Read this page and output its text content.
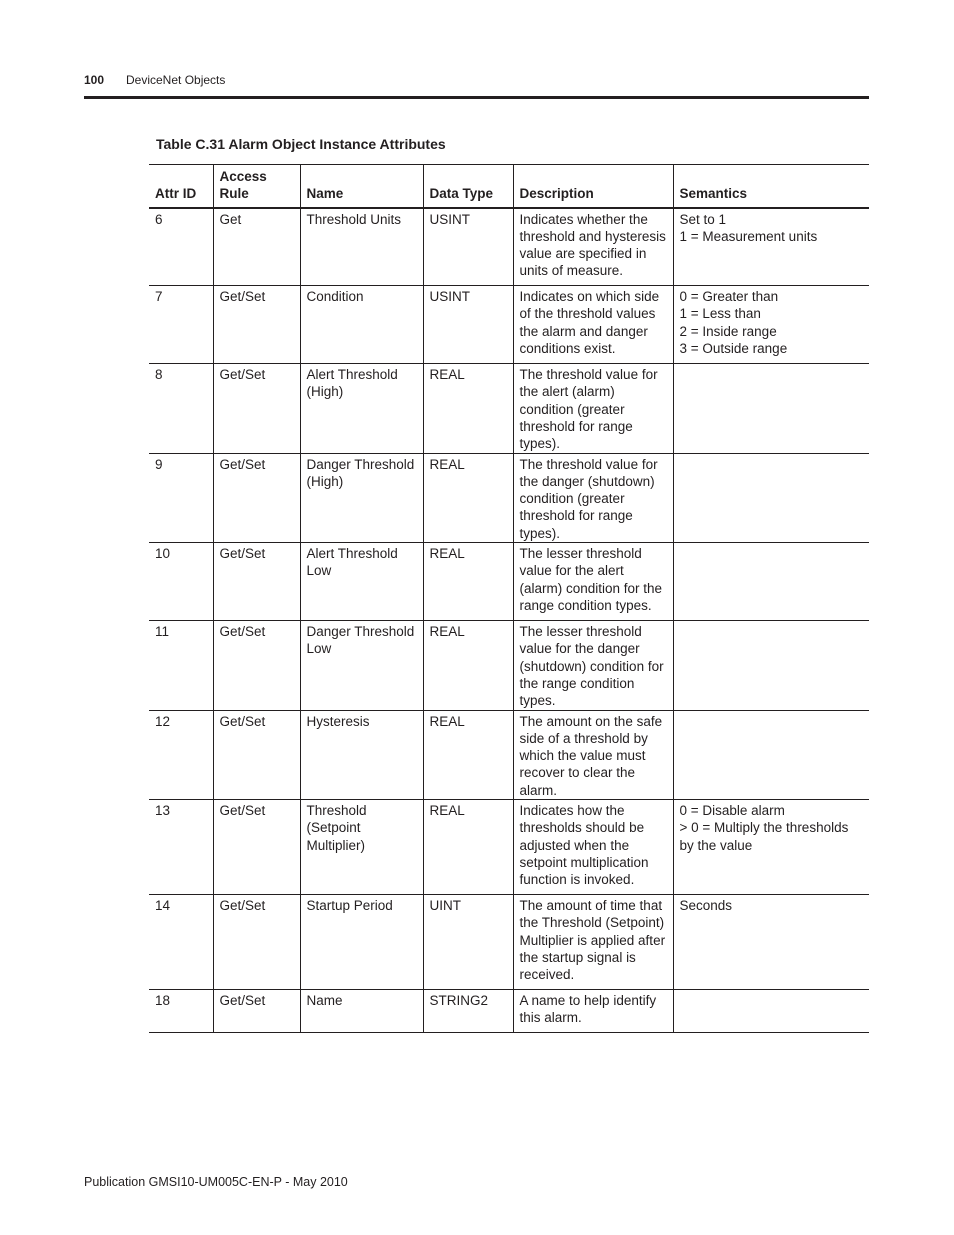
100 DeviceNet Objects
Table C.31 Alarm Object Instance Attributes
Attr ID	Access Rule	Name	Data Type	Description	Semantics
6	Get	Threshold Units	USINT	Indicates whether the threshold and hysteresis value are specified in units of measure.	Set to 1
1 = Measurement units

7	Get/Set	Condition	USINT	Indicates on which side of the threshold values the alarm and danger conditions exist.	0 = Greater than
1 = Less than
2 = Inside range
3 = Outside range

8	Get/Set	Alert Threshold (High)	REAL	The threshold value for the alert (alarm) condition (greater threshold for range types).	
9	Get/Set	Danger Threshold (High)	REAL	The threshold value for the danger (shutdown) condition (greater threshold for range types).	
10	Get/Set	Alert Threshold Low	REAL	The lesser threshold value for the alert (alarm) condition for the range condition types.	
11	Get/Set	Danger Threshold Low	REAL	The lesser threshold value for the danger (shutdown) condition for the range condition types.	
12	Get/Set	Hysteresis	REAL	The amount on the safe side of a threshold by which the value must recover to clear the alarm.	
13	Get/Set	Threshold (Setpoint Multiplier)	REAL	Indicates how the thresholds should be adjusted when the setpoint multiplication function is invoked.	0 = Disable alarm
> 0 = Multiply the thresholds by the value

14	Get/Set	Startup Period	UINT	The amount of time that the Threshold (Setpoint) Multiplier is applied after the startup signal is received.	Seconds

18	Get/Set	Name	STRING2	A name to help identify this alarm.	
Publication GMSI10-UM005C-EN-P - May 2010
